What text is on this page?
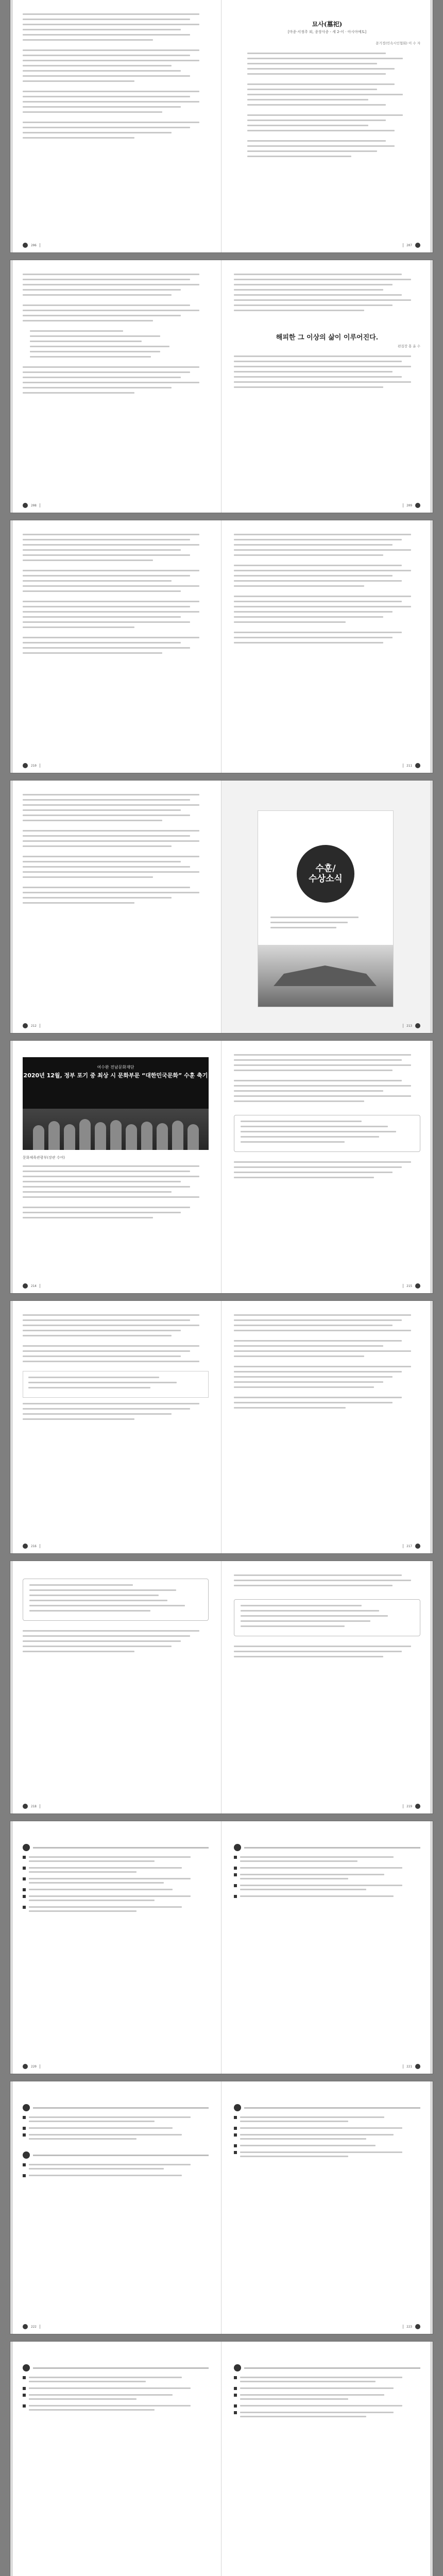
206
묘사(墓祀)
[마종·서정주 외, 종장사종 - 세 2-이 · 아시아예토]
문기정(민속시인협회) 이 수 자
207
208
해피한 그 이상의 삶이 이루어진다.
편집장 홍 윤 수
209
210	211
212
수훈/
수상소식
213
여수완 전남문화재단
2020년 12월, 정부 포기 중 최상 시 문화부문 “대한민국문화” 수훈 축기
문화체육관광부(장관 수여)
214	215
216	217
218	219
220	221
222	223
